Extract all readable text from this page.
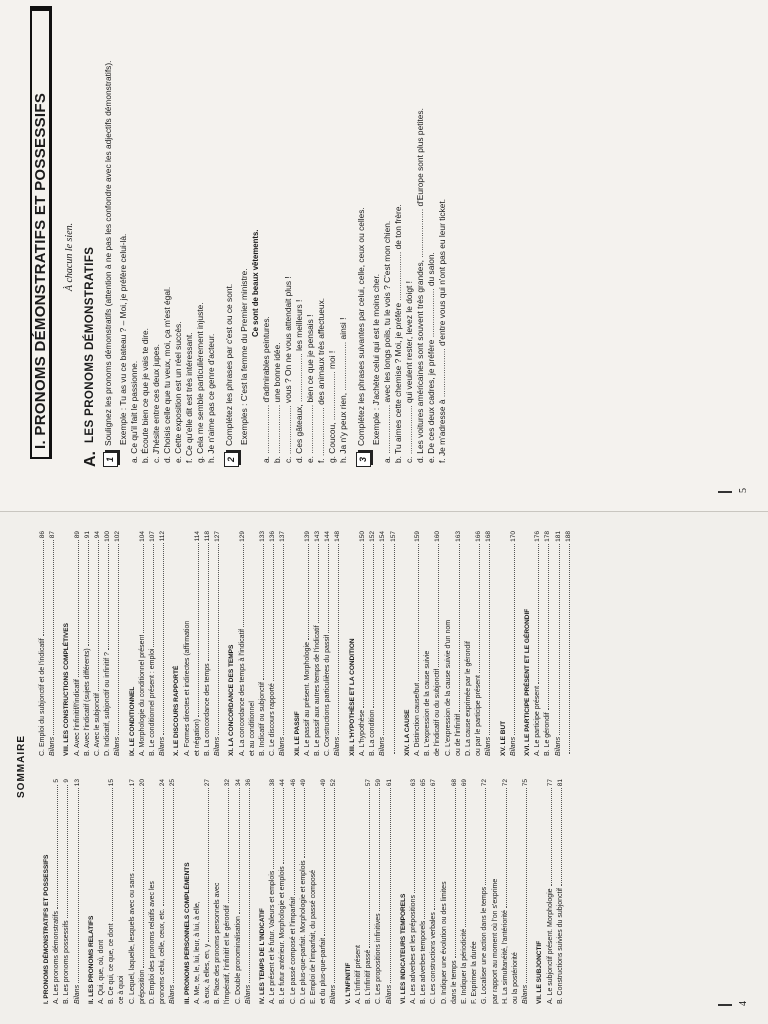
SOMMAIRE
I. PRONOMS DÉMONSTRATIFS ET POSSESSIFS A. Les pronoms démonstratifs
5
B. Les pronoms possessifs
9
Bilans
13
II. LES PRONOMS RELATIFS A. Qui, que, où, dont B. Ce qui, ce que, ce dont
15
ce à quoi C. Lequel, laquelle, lesquels avec ou sans
17
préposition
20
D. Emploi des pronoms relatifs avec les pronoms celui, celle, ceux, etc.
24
Bilans
25
III. PRONOMS PERSONNELS COMPLÉMENTS A. Me, te, le, lui, leur, à lui, à elle, à eux, à elles, en, y
27
B. Place des pronoms personnels avec l'impératif, l'infinitif et le gérondif
32
C. Double pronominalisation
34
Bilans
36
IV. LES TEMPS DE L'INDICATIF A. Le présent et le futur. Valeurs et emplois
38
B. Le futur antérieur. Morphologie et emplois
44
C. Le passé composé et l'imparfait
46
D. Le plus-que-parfait. Morphologie et emplois
49
E. Emploi de l'imparfait, du passé composé et du plus-que-parfait
49
Bilans
52
V. L'INFINITIF A. L'infinitif présent B. L'infinitif passé
57
C. Les propositions infinitives
59
Bilans
61
VI. LES INDICATEURS TEMPORELS A. Les adverbes et les prépositions
63
B. Les adverbes temporels
65
C. Les constructions verbales
67
D. Indiquer une évolution ou des limites dans le temps
68
E. Indiquer la périodicité
69
F. Exprimer la durée G. Localiser une action dans le temps
72
par rapport au moment où l'on s'exprime H. La simultanéité, l'antériorité
72
ou la postériorité Bilans
75
VII. LE SUBJONCTIF A. Le subjonctif présent. Morphologie
77
B. Constructions suivies du subjonctif
81
C. Emploi du subjonctif et de l'indicatif
86
Bilans
87
VIII. LES CONSTRUCTIONS COMPLÉTIVES A. Avec l'infinitif/l'indicatif
89
B. Avec l'indicatif (sujets différents)
91
C. Avec le subjonctif
94
D. Indicatif, subjonctif ou infinitif ?
100
Bilans
102
IX. LE CONDITIONNEL A. Morphologie du conditionnel présent
104
B. Le conditionnel présent : emploi
107
Bilans
112
X. LE DISCOURS RAPPORTÉ A. Formes directes et indirectes (affirmation et négation)
114
B. La concordance des temps
118
Bilans
127
XI. LA CONCORDANCE DES TEMPS A. La concordance des temps à l'indicatif
129
et au conditionnel B. Indicatif ou subjonctif
133
C. Le discours rapporté
136
Bilans
137
XII. LE PASSIF A. Le passif au présent. Morphologie
139
B. Le passif aux autres temps de l'indicatif
143
C. Constructions particulières du passif
144
Bilans
148
XIII. L'HYPOTHÈSE ET LA CONDITION A. L'hypothèse
150
B. La condition
152
Bilans
154 157
XIV. LA CAUSE A. Distinction cause/but
159
B. L'expression de la cause suivie de l'indicatif ou du subjonctif
160
C. L'expression de la cause suivie d'un nom ou de l'infinitif
163
D. La cause exprimée par le gérondif ou par le participe présent
166
Bilans
168
XV. LE BUT Bilans
170
XVI. LE PARTICIPE PRÉSENT ET LE GÉRONDIF A. Le participe présent
176
B. Le gérondif
178
Bilans
181 188
4
I. PRONOMS DÉMONSTRATIFS ET POSSESSIFS	À chacun le sien.
A.
LES PRONOMS DÉMONSTRATIFS
1
Soulignez les pronoms démonstratifs (attention à ne pas les confondre avec les adjectifs démonstratifs). Exemple : Tu as vu ce bateau ? – Moi, je préfère celui-là. a. Ce qu'il fait le passionne. b. Écoute bien ce que je vais te dire. c. J'hésite entre ces deux jupes. d. Choisis celle que tu veux, moi, ça m'est égal. e. Cette exposition est un réel succès. f. Ce qu'elle dit est très intéressant. g. Cela me semble particulièrement injuste. h. Je n'aime pas ce genre d'acteur. 2
Complétez les phrases par c'est ou ce sont. Exemples : C'est la femme du Premier ministre. Ce sont de beaux vêtements.
a. ..................... d'admirables peintures. b. ..................... une bonne idée. c. ..................... vous ? On ne vous attendait plus ! d. Ces gâteaux, ..................... les meilleurs ! e. ..................... bien ce que je pensais ! f. ..................... des animaux très affectueux. g. Coucou, ..................... moi ! h. Ja n'y peux rien, ..................... ainsi ! 3
Complétez les phrases suivantes par celui, celle, ceux ou celles. Exemple : J'achète celui qui est le moins cher. a. ..................... avec les longs poils, tu le vois ? C'est mon chien. b. Tu aimes cette chemise ? Moi, je préfère ..................... de ton frère. c. ..................... qui veulent rester, levez le doigt ! d. Les voitures américaines sont souvent très grandes, ..................... d'Europe sont plus petites. e. De ces deux cadres, je préfère ..................... du salon. f. Je m'adresse à ..................... d'entre vous qui n'ont pas eu leur ticket.
5
